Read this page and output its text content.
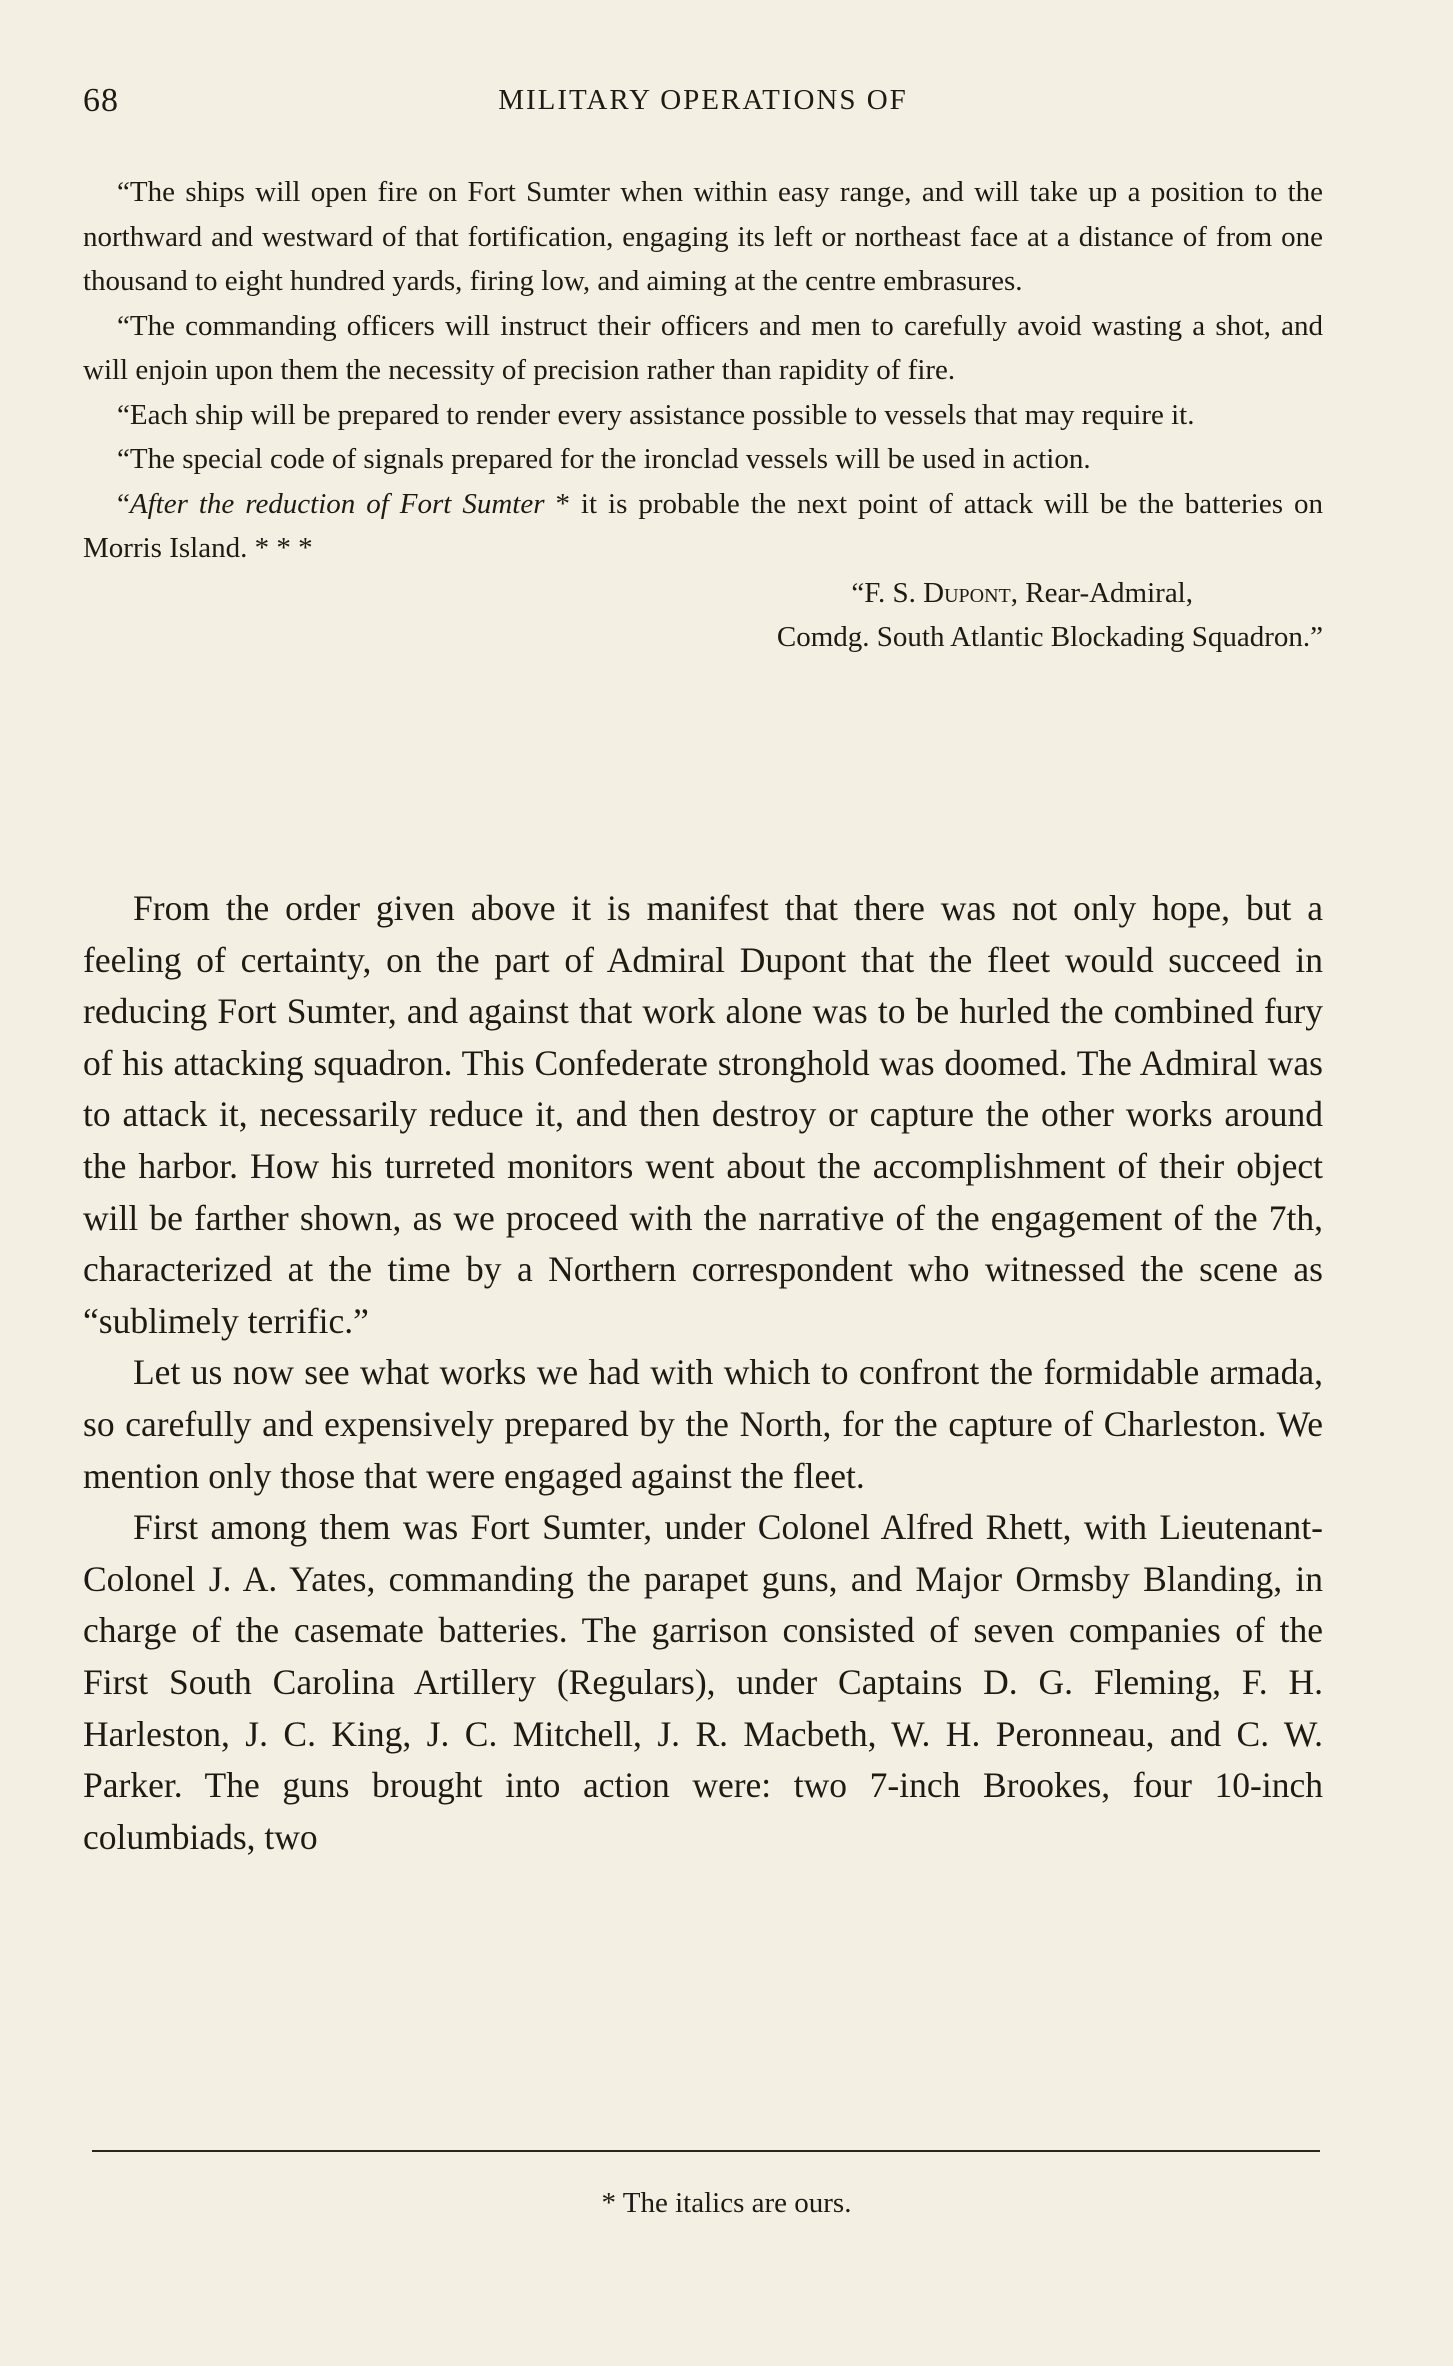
68	MILITARY OPERATIONS OF

“The ships will open fire on Fort Sumter when within easy range, and will take up a position to the northward and westward of that fortification, engaging its left or northeast face at a distance of from one thousand to eight hundred yards, firing low, and aiming at the centre embrasures.

“The commanding officers will instruct their officers and men to carefully avoid wasting a shot, and will enjoin upon them the necessity of precision rather than rapidity of fire.

“Each ship will be prepared to render every assistance possible to vessels that may require it.

“The special code of signals prepared for the ironclad vessels will be used in action.

“After the reduction of Fort Sumter * it is probable the next point of attack will be the batteries on Morris Island. * * *

“F. S. Dupont, Rear-Admiral,

Comdg. South Atlantic Blockading Squadron.”

From the order given above it is manifest that there was not only hope, but a feeling of certainty, on the part of Admiral Dupont that the fleet would succeed in reducing Fort Sumter, and against that work alone was to be hurled the combined fury of his attacking squadron. This Confederate stronghold was doomed. The Admiral was to attack it, necessarily reduce it, and then destroy or capture the other works around the harbor. How his turreted monitors went about the accomplishment of their object will be farther shown, as we proceed with the narrative of the engagement of the 7th, characterized at the time by a Northern correspondent who witnessed the scene as “sublimely terrific.”

Let us now see what works we had with which to confront the formidable armada, so carefully and expensively prepared by the North, for the capture of Charleston. We mention only those that were engaged against the fleet.

First among them was Fort Sumter, under Colonel Alfred Rhett, with Lieutenant-Colonel J. A. Yates, commanding the parapet guns, and Major Ormsby Blanding, in charge of the casemate batteries. The garrison consisted of seven companies of the First South Carolina Artillery (Regulars), under Captains D. G. Fleming, F. H. Harleston, J. C. King, J. C. Mitchell, J. R. Macbeth, W. H. Peronneau, and C. W. Parker. The guns brought into action were: two 7-inch Brookes, four 10-inch columbiads, two

* The italics are ours.
